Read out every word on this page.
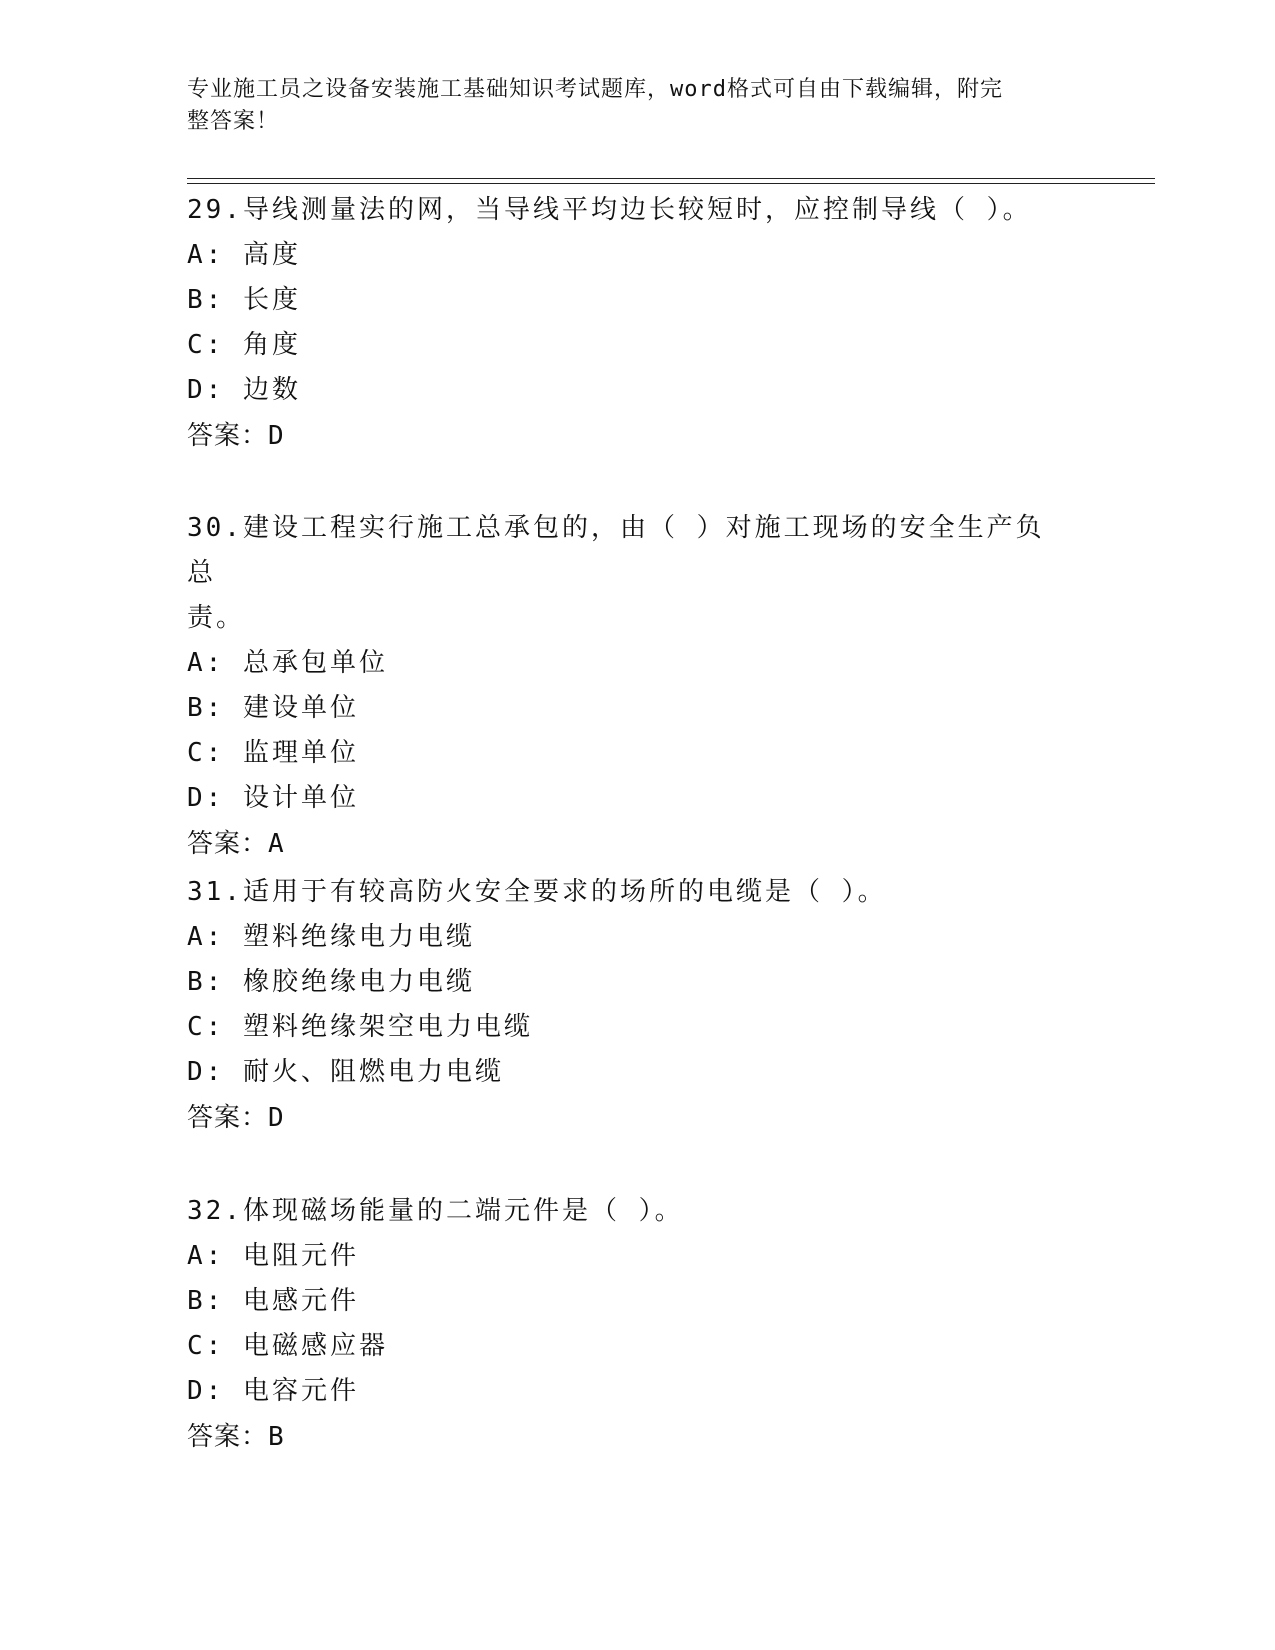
专业施工员之设备安装施工基础知识考试题库，word格式可自由下载编辑，附完
整答案！

29.导线测量法的网，当导线平均边长较短时，应控制导线（ ）。

A: 高度

B: 长度

C: 角度

D: 边数

答案：D

30.建设工程实行施工总承包的，由（ ）对施工现场的安全生产负总

责。

A: 总承包单位

B: 建设单位

C: 监理单位

D: 设计单位

答案：A

31.适用于有较高防火安全要求的场所的电缆是（ ）。

A: 塑料绝缘电力电缆

B: 橡胶绝缘电力电缆

C: 塑料绝缘架空电力电缆

D: 耐火、阻燃电力电缆

答案：D

32.体现磁场能量的二端元件是（ ）。

A: 电阻元件

B: 电感元件

C: 电磁感应器

D: 电容元件

答案：B
